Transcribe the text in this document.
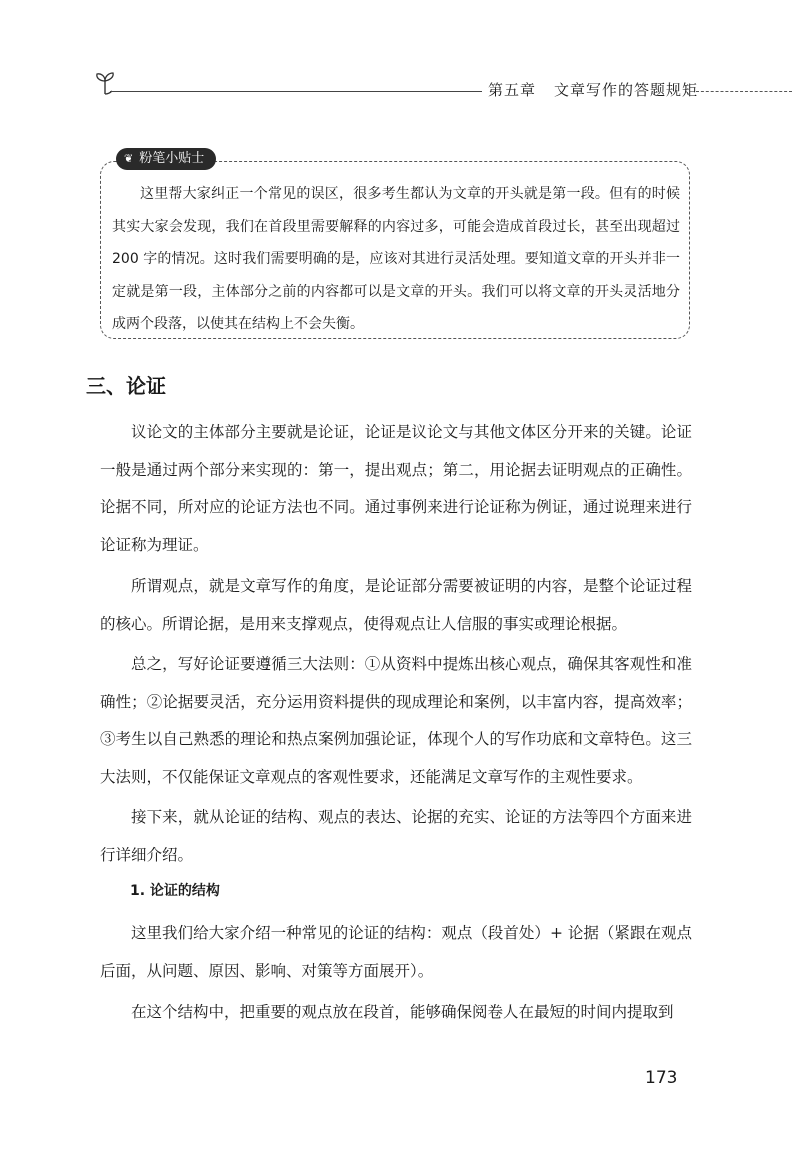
第五章 文章写作的答题规矩
❦ 粉笔小贴士

这里帮大家纠正一个常见的误区，很多考生都认为文章的开头就是第一段。但有的时候其实大家会发现，我们在首段里需要解释的内容过多，可能会造成首段过长，甚至出现超过 200 字的情况。这时我们需要明确的是，应该对其进行灵活处理。要知道文章的开头并非一定就是第一段，主体部分之前的内容都可以是文章的开头。我们可以将文章的开头灵活地分成两个段落，以使其在结构上不会失衡。

三、论证

议论文的主体部分主要就是论证，论证是议论文与其他文体区分开来的关键。论证一般是通过两个部分来实现的：第一，提出观点；第二，用论据去证明观点的正确性。论据不同，所对应的论证方法也不同。通过事例来进行论证称为例证，通过说理来进行论证称为理证。

所谓观点，就是文章写作的角度，是论证部分需要被证明的内容，是整个论证过程的核心。所谓论据，是用来支撑观点，使得观点让人信服的事实或理论根据。

总之，写好论证要遵循三大法则：①从资料中提炼出核心观点，确保其客观性和准确性；②论据要灵活，充分运用资料提供的现成理论和案例，以丰富内容，提高效率；③考生以自己熟悉的理论和热点案例加强论证，体现个人的写作功底和文章特色。这三大法则，不仅能保证文章观点的客观性要求，还能满足文章写作的主观性要求。

接下来，就从论证的结构、观点的表达、论据的充实、论证的方法等四个方面来进行详细介绍。

1. 论证的结构

这里我们给大家介绍一种常见的论证的结构：观点（段首处）+ 论据（紧跟在观点后面，从问题、原因、影响、对策等方面展开）。

在这个结构中，把重要的观点放在段首，能够确保阅卷人在最短的时间内提取到

173
